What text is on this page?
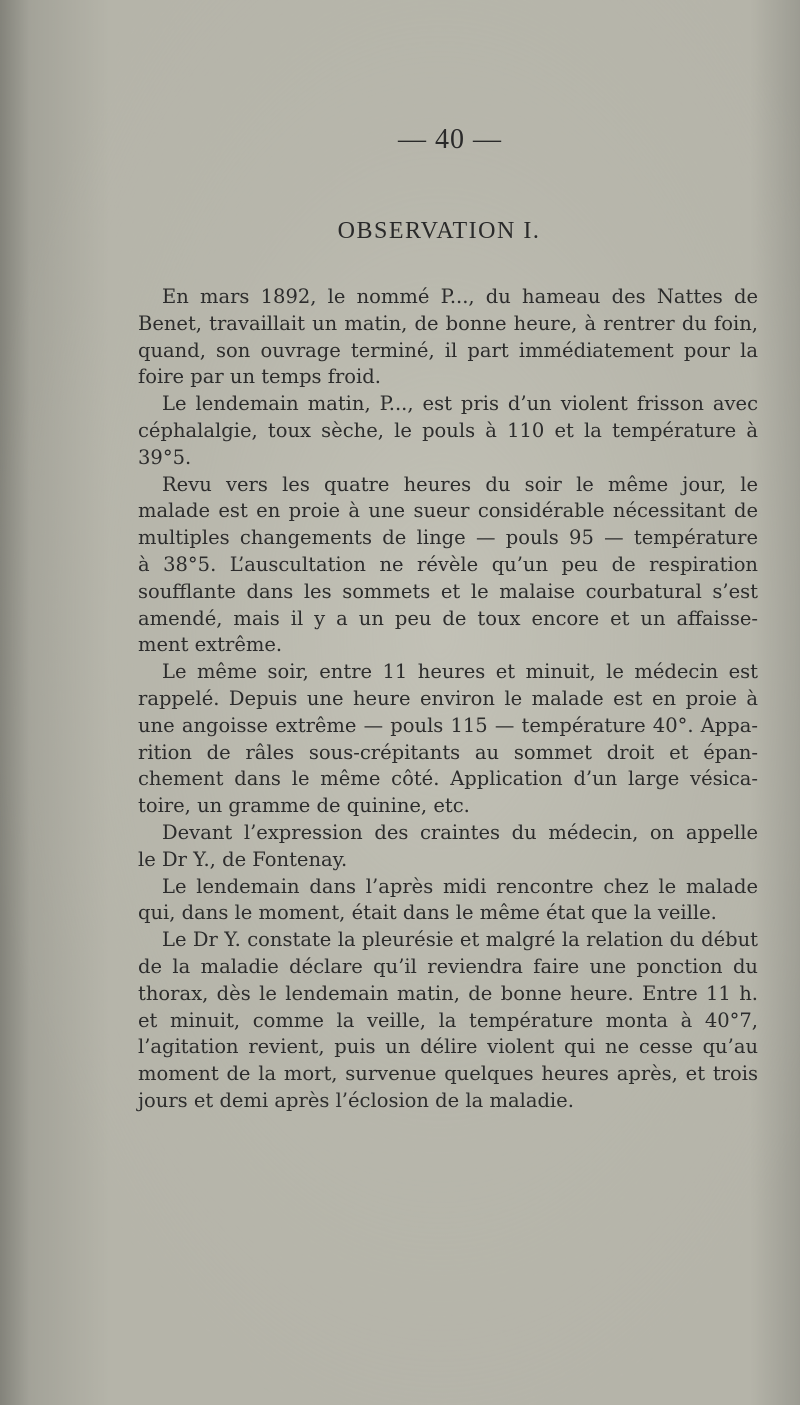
— 40 —
OBSERVATION I.
En mars 1892, le nommé P..., du hameau des Nattes de
Benet, travaillait un matin, de bonne heure, à rentrer du foin,
quand, son ouvrage terminé, il part immédiatement pour la
foire par un temps froid.
Le lendemain matin, P..., est pris d’un violent frisson avec
céphalalgie, toux sèche, le pouls à 110 et la température à
39°5.
Revu vers les quatre heures du soir le même jour, le
malade est en proie à une sueur considérable nécessitant de
multiples changements de linge — pouls 95 — température
à 38°5. L’auscultation ne révèle qu’un peu de respiration
soufflante dans les sommets et le malaise courbatural s’est
amendé, mais il y a un peu de toux encore et un affaisse-
ment extrême.
Le même soir, entre 11 heures et minuit, le médecin est
rappelé. Depuis une heure environ le malade est en proie à
une angoisse extrême — pouls 115 — température 40°. Appa-
rition de râles sous-crépitants au sommet droit et épan-
chement dans le même côté. Application d’un large vésica-
toire, un gramme de quinine, etc.
Devant l’expression des craintes du médecin, on appelle
le Dr Y., de Fontenay.
Le lendemain dans l’après midi rencontre chez le malade
qui, dans le moment, était dans le même état que la veille.
Le Dr Y. constate la pleurésie et malgré la relation du début
de la maladie déclare qu’il reviendra faire une ponction du
thorax, dès le lendemain matin, de bonne heure. Entre 11 h.
et minuit, comme la veille, la température monta à 40°7,
l’agitation revient, puis un délire violent qui ne cesse qu’au
moment de la mort, survenue quelques heures après, et trois
jours et demi après l’éclosion de la maladie.
